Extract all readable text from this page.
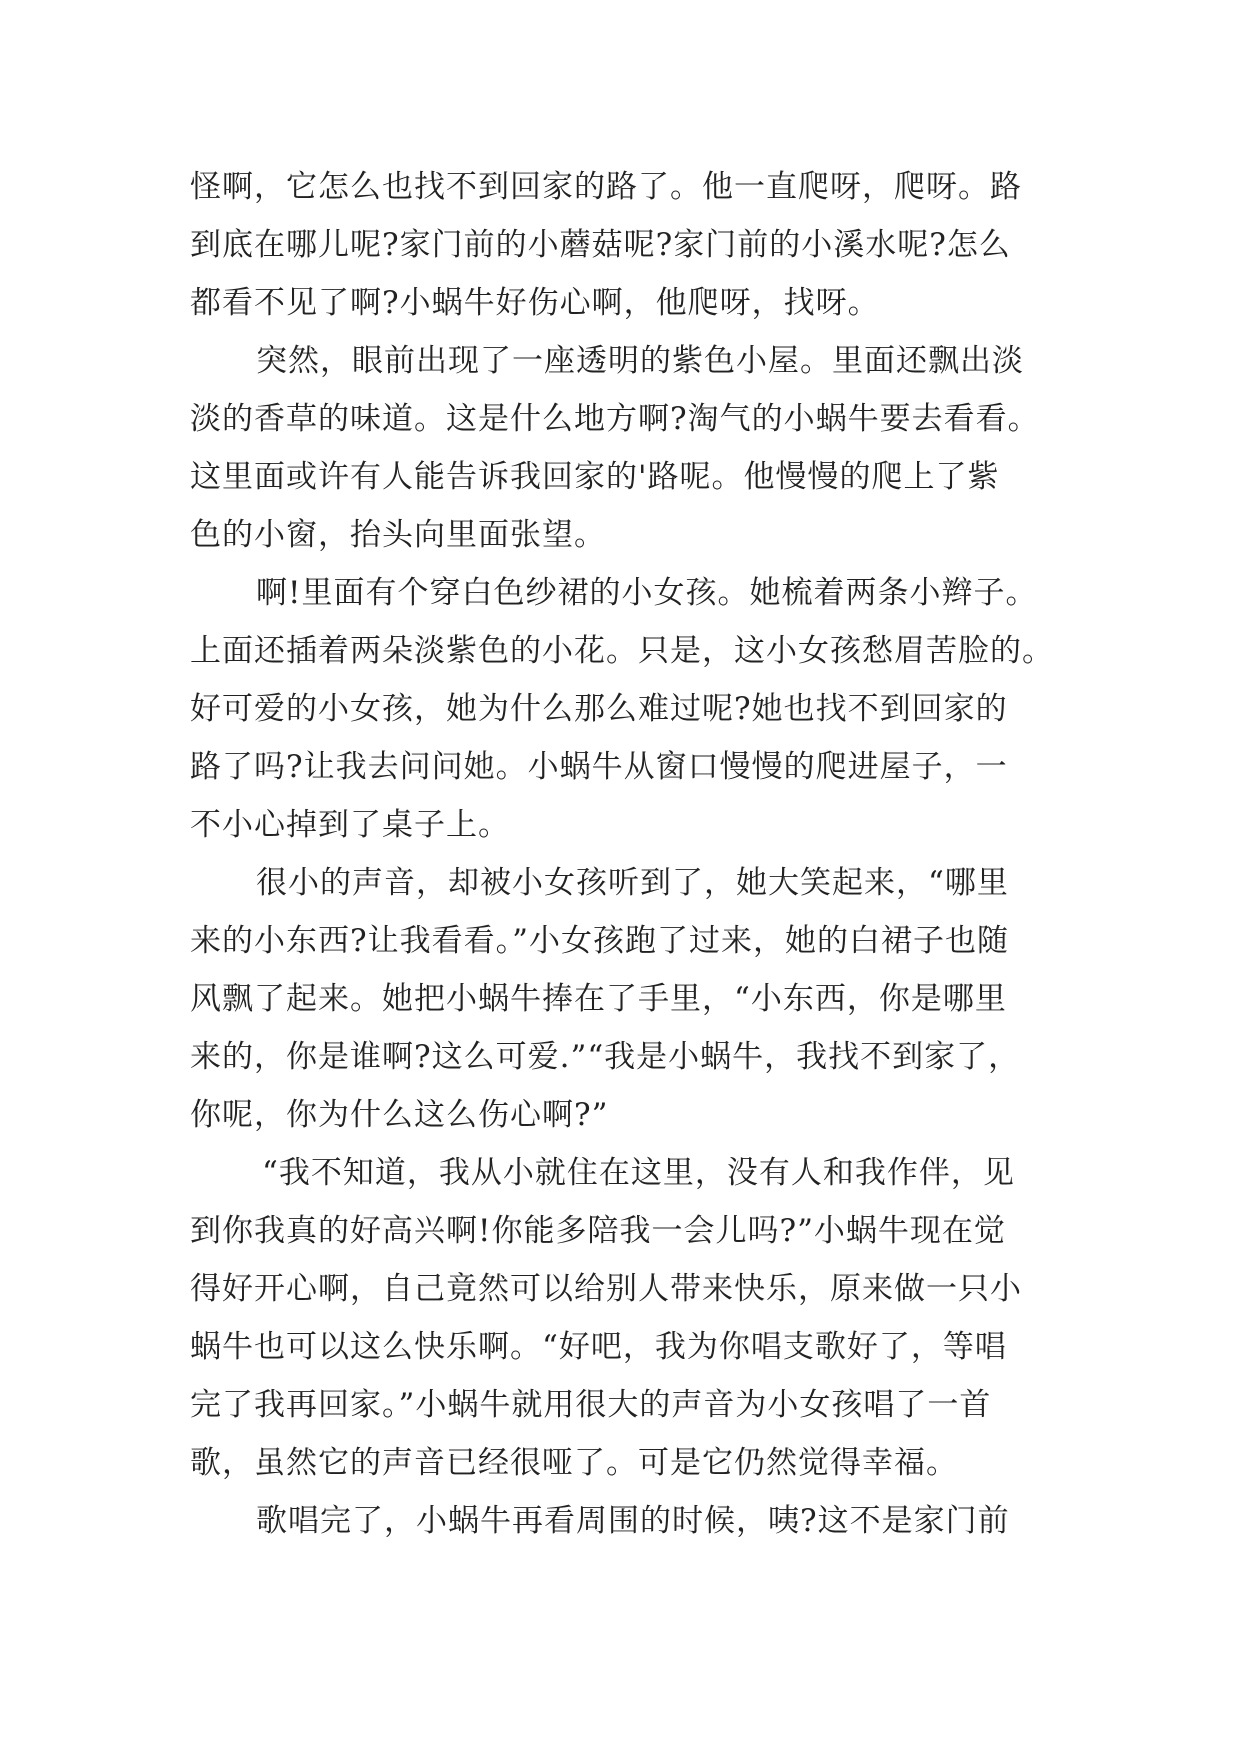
怪啊，它怎么也找不到回家的路了。他一直爬呀，爬呀。路
到底在哪儿呢?家门前的小蘑菇呢?家门前的小溪水呢?怎么
都看不见了啊?小蜗牛好伤心啊，他爬呀，找呀。
突然，眼前出现了一座透明的紫色小屋。里面还飘出淡
淡的香草的味道。这是什么地方啊?淘气的小蜗牛要去看看。
这里面或许有人能告诉我回家的'路呢。他慢慢的爬上了紫
色的小窗，抬头向里面张望。
啊!里面有个穿白色纱裙的小女孩。她梳着两条小辫子。
上面还插着两朵淡紫色的小花。只是，这小女孩愁眉苦脸的。
好可爱的小女孩，她为什么那么难过呢?她也找不到回家的
路了吗?让我去问问她。小蜗牛从窗口慢慢的爬进屋子，一
不小心掉到了桌子上。
很小的声音，却被小女孩听到了，她大笑起来，“哪里
来的小东西?让我看看。”小女孩跑了过来，她的白裙子也随
风飘了起来。她把小蜗牛捧在了手里，“小东西，你是哪里
来的，你是谁啊?这么可爱.”“我是小蜗牛，我找不到家了，
你呢，你为什么这么伤心啊?”
“我不知道，我从小就住在这里，没有人和我作伴，见
到你我真的好高兴啊!你能多陪我一会儿吗?”小蜗牛现在觉
得好开心啊，自己竟然可以给别人带来快乐，原来做一只小
蜗牛也可以这么快乐啊。“好吧，我为你唱支歌好了，等唱
完了我再回家。”小蜗牛就用很大的声音为小女孩唱了一首
歌，虽然它的声音已经很哑了。可是它仍然觉得幸福。
歌唱完了，小蜗牛再看周围的时候，咦?这不是家门前
